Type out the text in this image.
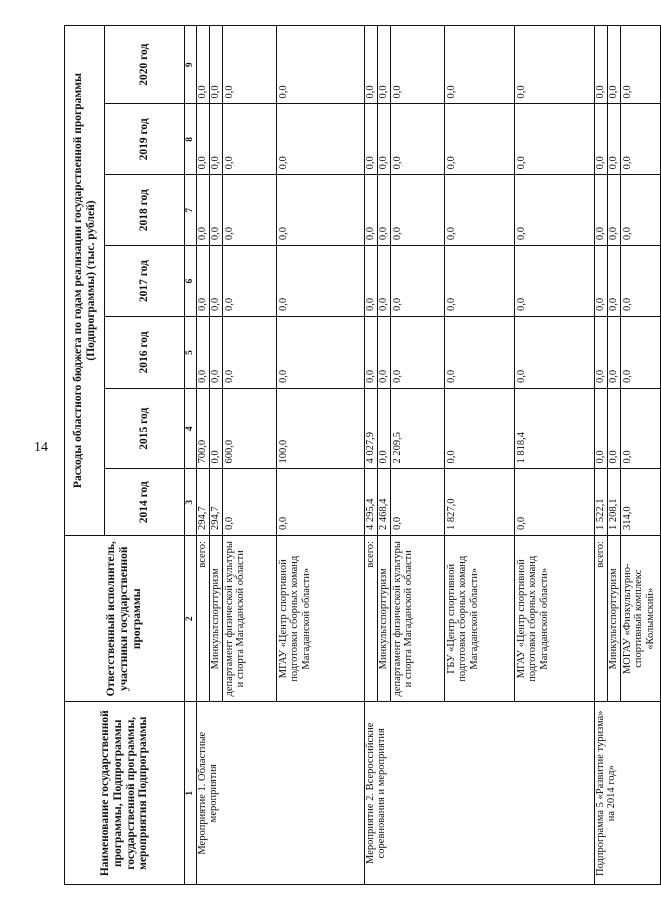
14
Наименование государственной программы, Подпрограммы государственной программы, мероприятия Подпрограммы	Ответственный исполнитель, участники государственной программы	Расходы областного бюджета по годам реализации государственной программы (Подпрограммы) (тыс. рублей)						
		2014 год	2015 год	2016 год	2017 год	2018 год	2019 год	2020 год
1	2	3	4	5	6	7	8	9
Мероприятие 1. Областные мероприятия	всего:	294,7	700,0	0,0	0,0	0,0	0,0	0,0
	Минкультспорттуризм	294,7	0,0	0,0	0,0	0,0	0,0	0,0
	департамент физической культуры и спорта Магаданской области	0,0	600,0	0,0	0,0	0,0	0,0	0,0
	МГАУ «Центр спортивной подготовки сборных команд Магаданской области»	0,0	100,0	0,0	0,0	0,0	0,0	0,0
Мероприятие 2. Всероссийские соревнования и мероприятия	всего:	4 295,4	4 027,9	0,0	0,0	0,0	0,0	0,0
	Минкультспорттуризм	2 468,4	0,0	0,0	0,0	0,0	0,0	0,0
	департамент физической культуры и спорта Магаданской области	0,0	2 209,5	0,0	0,0	0,0	0,0	0,0
	ГБУ «Центр спортивной подготовки сборных команд Магаданской области»	1 827,0	0,0	0,0	0,0	0,0	0,0	0,0
	МГАУ «Центр спортивной подготовки сборных команд Магаданской области»	0,0	1 818,4	0,0	0,0	0,0	0,0	0,0
Подпрограмма 5 «Развитие туризма» на 2014 год»	всего:	1 522,1	0,0	0,0	0,0	0,0	0,0	0,0
	Минкультспорттуризм	1 208,1	0,0	0,0	0,0	0,0	0,0	0,0
	МОГАУ «Физкультурно-спортивный комплекс «Колымский»	314,0	0,0	0,0	0,0	0,0	0,0	0,0
